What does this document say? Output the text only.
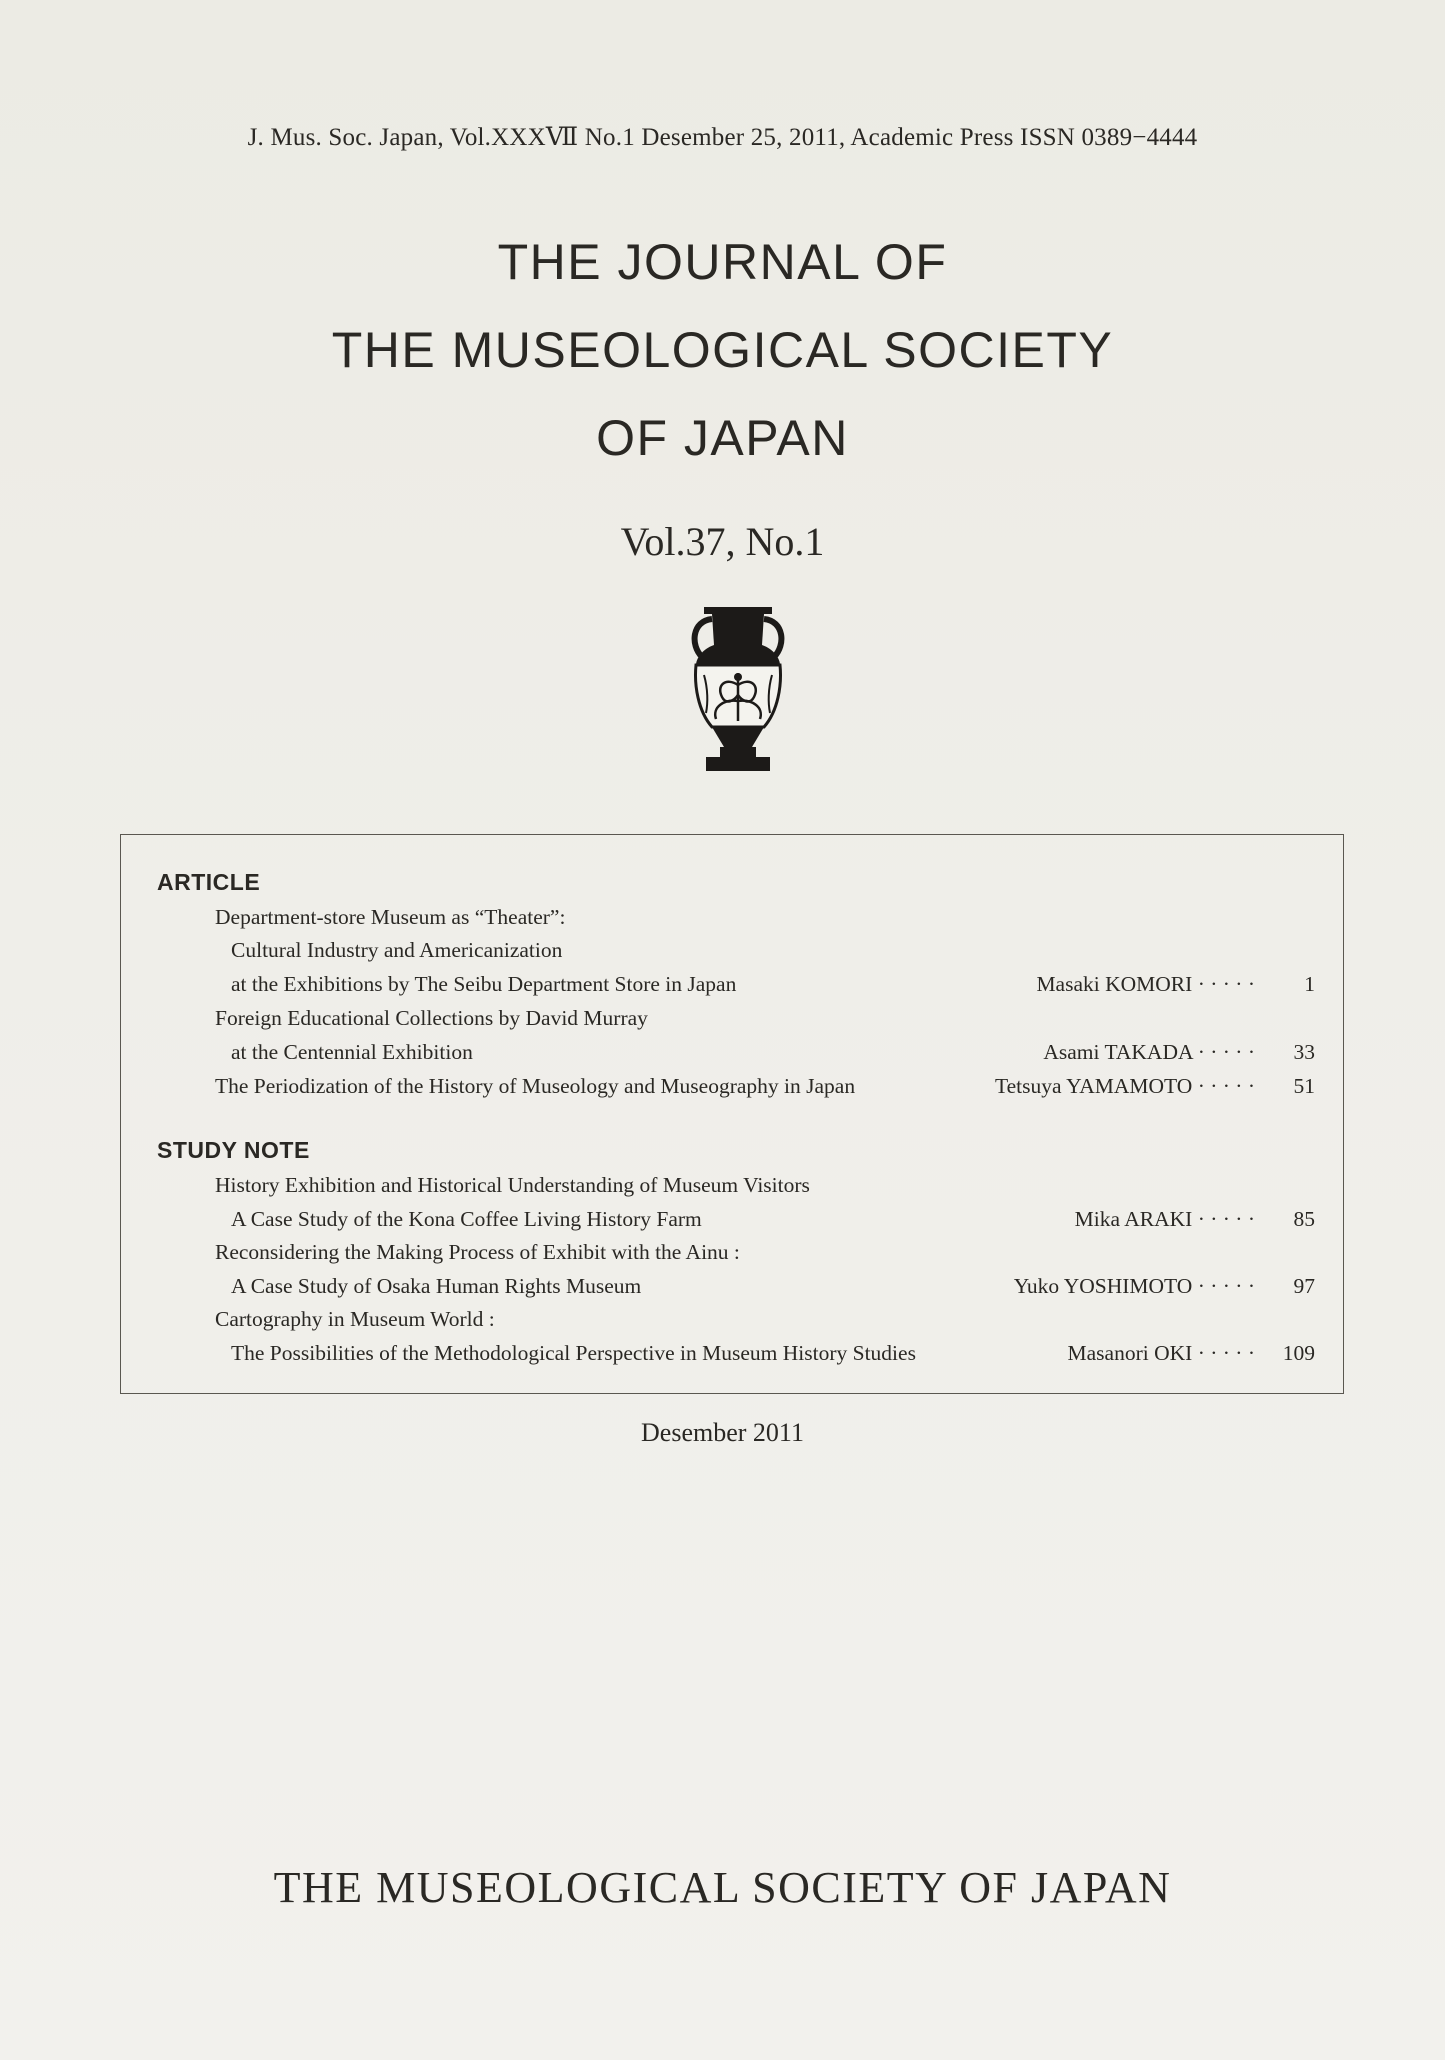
J. Mus. Soc. Japan, Vol.XXXⅦ No.1 Desember 25, 2011, Academic Press ISSN 0389−4444
THE JOURNAL OF
THE MUSEOLOGICAL SOCIETY
OF JAPAN
Vol.37, No.1
ARTICLE
Department-store Museum as “Theater”:
Cultural Industry and Americanization
at the Exhibitions by The Seibu Department Store in Japan	Masaki KOMORI · · · · ·	1
Foreign Educational Collections by David Murray
at the Centennial Exhibition	Asami TAKADA · · · · ·	33
The Periodization of the History of Museology and Museography in Japan	Tetsuya YAMAMOTO · · · · ·	51
STUDY NOTE
History Exhibition and Historical Understanding of Museum Visitors
A Case Study of the Kona Coffee Living History Farm	Mika ARAKI · · · · ·	85
Reconsidering the Making Process of Exhibit with the Ainu :
A Case Study of Osaka Human Rights Museum	Yuko YOSHIMOTO · · · · ·	97
Cartography in Museum World :
The Possibilities of the Methodological Perspective in Museum History Studies	Masanori OKI · · · · ·	109
Desember 2011
THE MUSEOLOGICAL SOCIETY OF JAPAN
